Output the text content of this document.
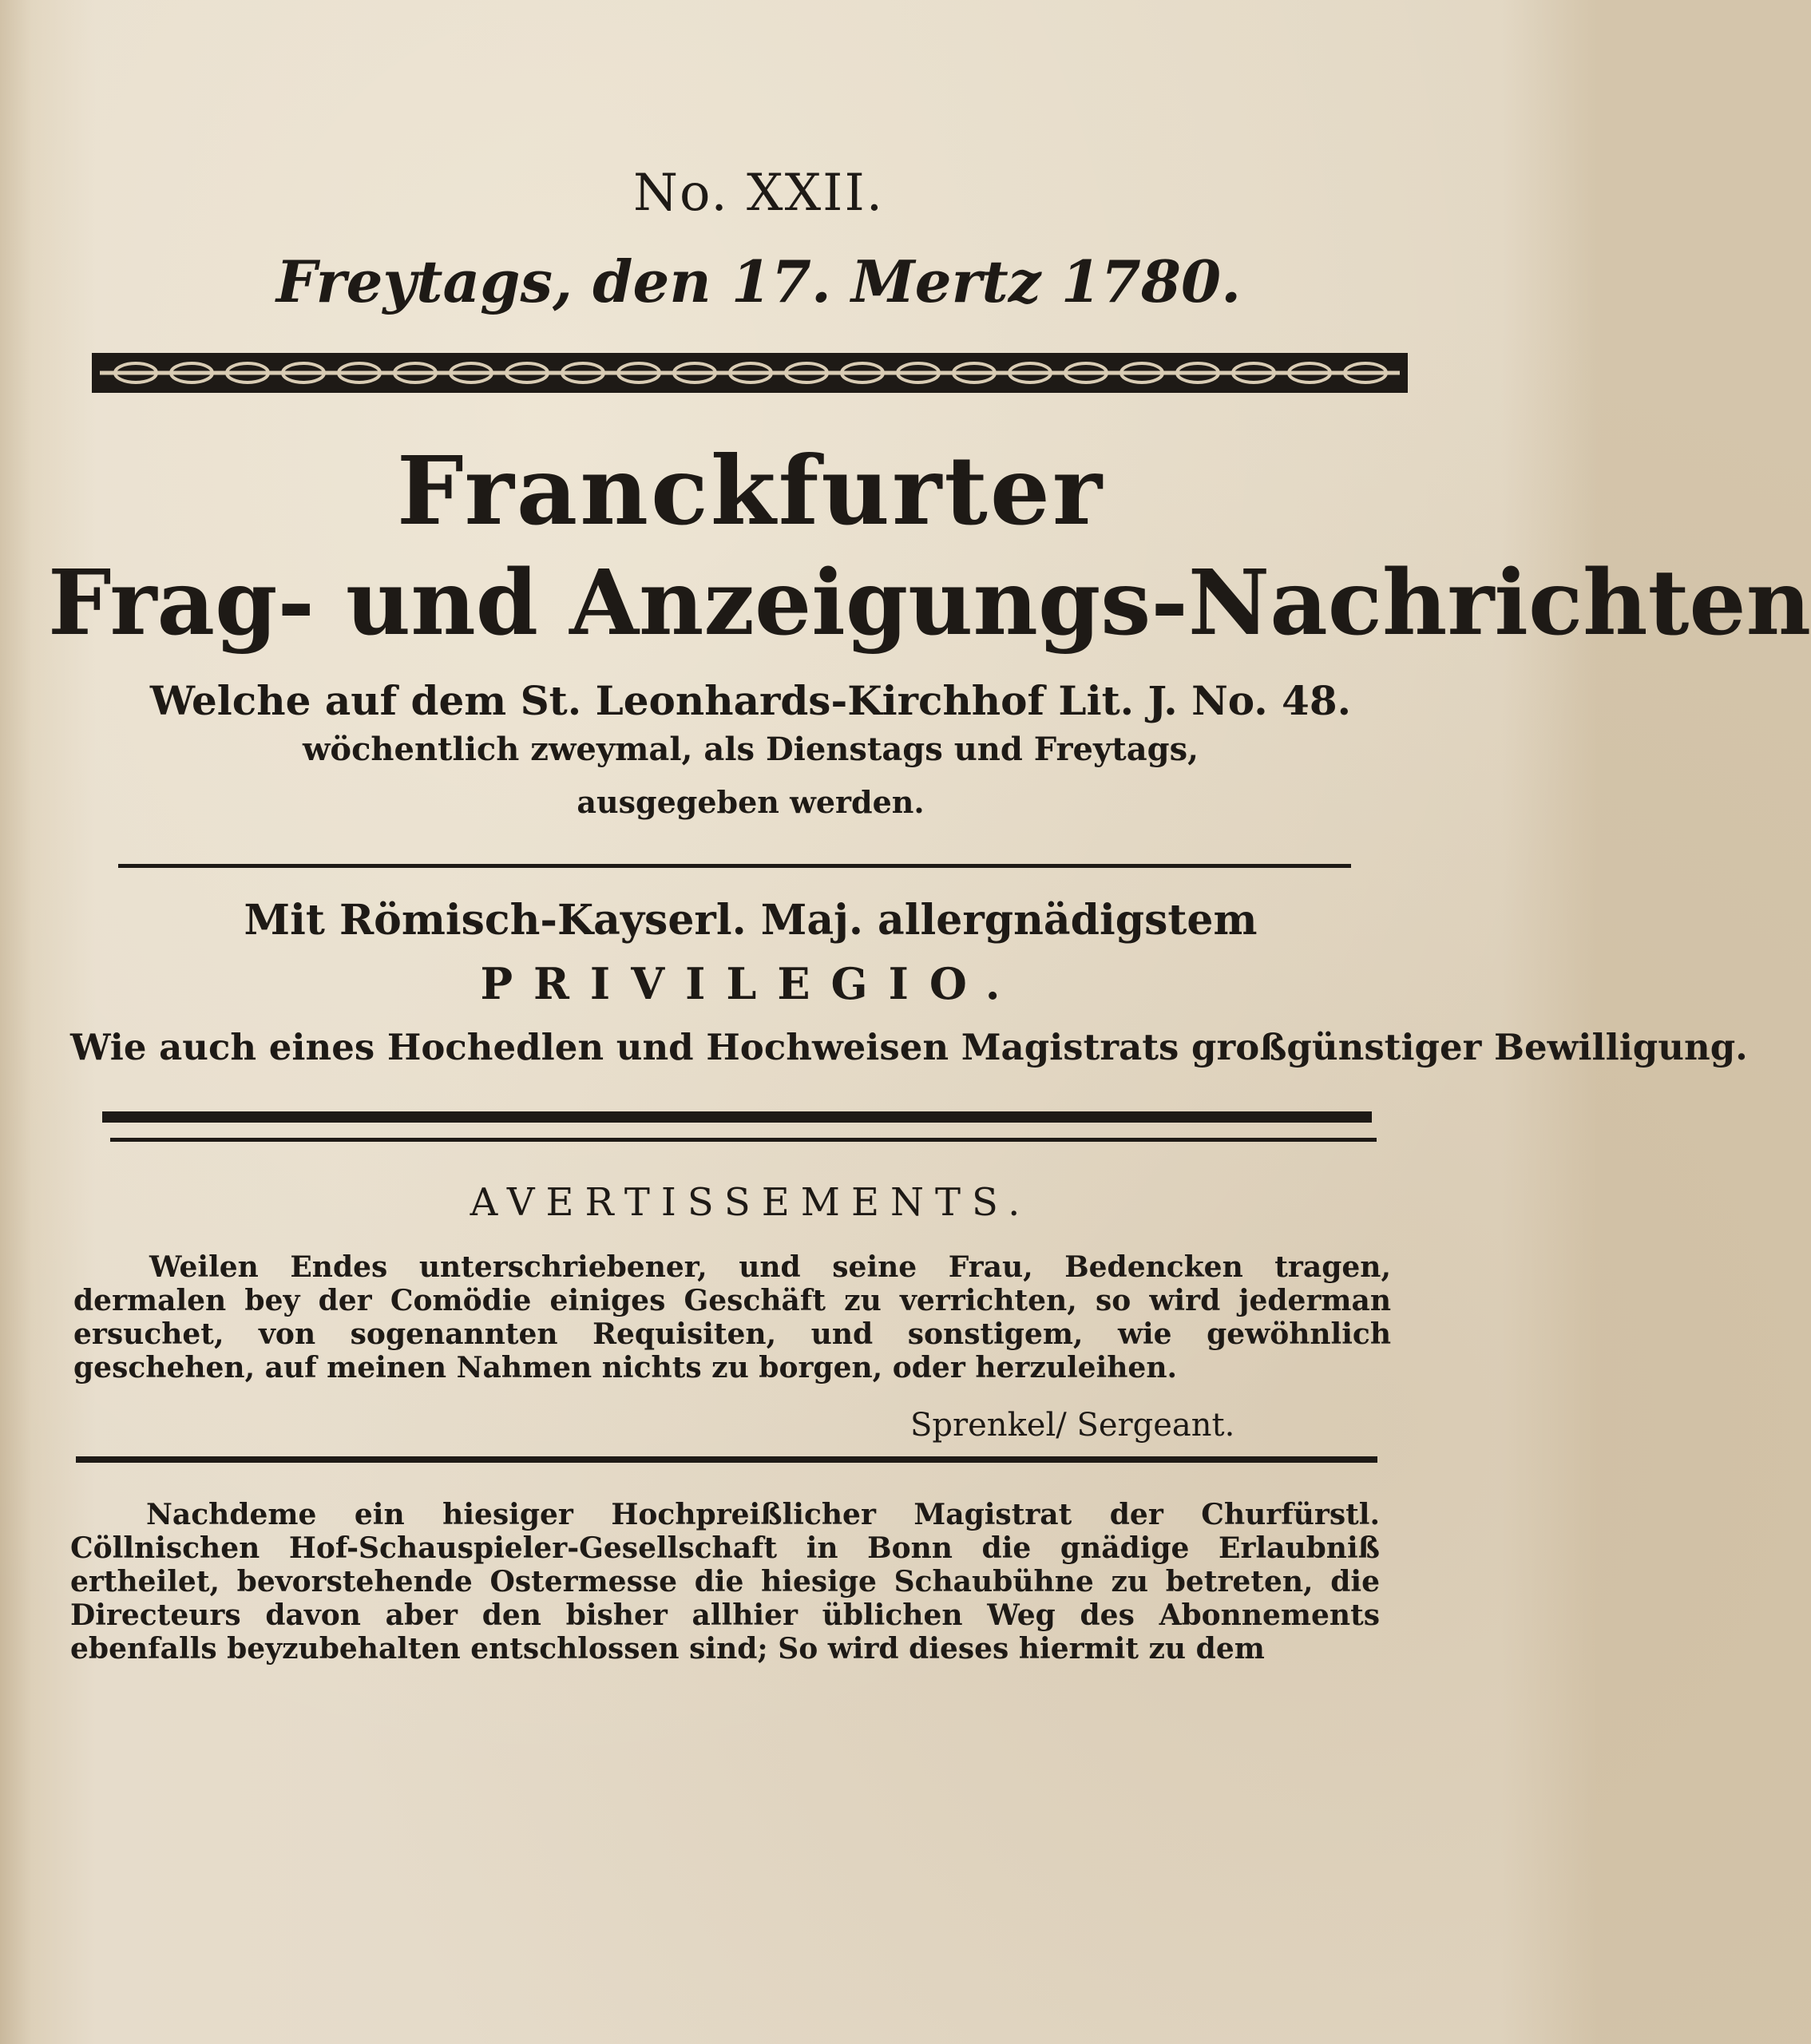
No. XXII.
Freytags, den 17. Mertz 1780.
Franckfurter
Frag- und Anzeigungs-Nachrichten
Welche auf dem St. Leonhards-Kirchhof Lit. J. No. 48.
wöchentlich zweymal, als Dienstags und Freytags,
ausgegeben werden.
Mit Römisch-Kayserl. Maj. allergnädigstem
PRIVILEGIO.
Wie auch eines Hochedlen und Hochweisen Magistrats großgünstiger Bewilligung.
AVERTISSEMENTS.

Weilen Endes unterschriebener, und seine Frau, Bedencken tragen, dermalen bey der Comödie einiges Geschäft zu verrichten, so wird jederman ersuchet, von sogenannten Requisiten, und sonstigem, wie gewöhnlich geschehen, auf meinen Nahmen nichts zu borgen, oder herzuleihen.

Sprenkel/ Sergeant.

Nachdeme ein hiesiger Hochpreißlicher Magistrat der Churfürstl. Cöllnischen Hof-Schauspieler-Gesellschaft in Bonn die gnädige Erlaubniß ertheilet, bevorstehende Ostermesse die hiesige Schaubühne zu betreten, die Directeurs davon aber den bisher allhier üblichen Weg des Abonnements ebenfalls beyzubehalten entschlossen sind; So wird dieses hiermit zu dem
